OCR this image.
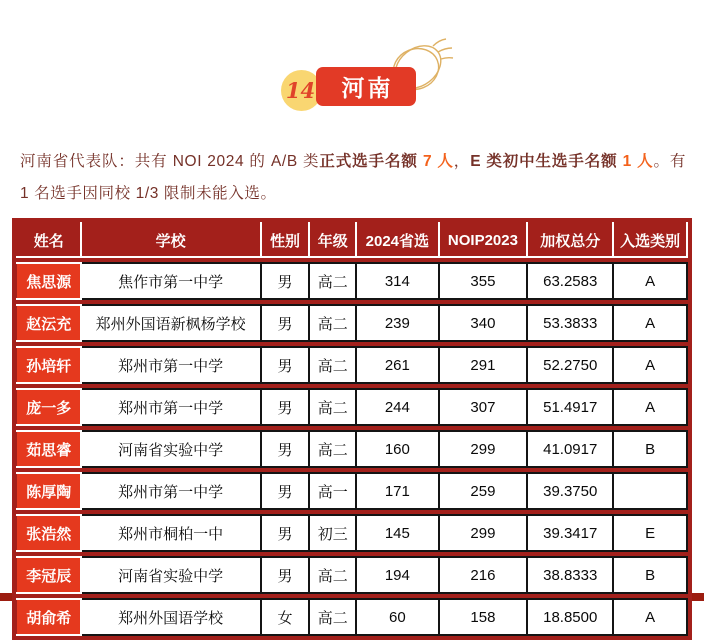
14 河南
河南省代表队：共有 NOI 2024 的 A/B 类正式选手名额 7 人，E 类初中生选手名额 1 人。有 1 名选手因同校 1/3 限制未能入选。
姓名	学校	性别	年级	2024省选	NOIP2023	加权总分	入选类别

焦思源	焦作市第一中学	男	高二	314	355	63.2583	A

赵沄充	郑州外国语新枫杨学校	男	高二	239	340	53.3833	A

孙培轩	郑州市第一中学	男	高二	261	291	52.2750	A

庞一多	郑州市第一中学	男	高二	244	307	51.4917	A

茹思睿	河南省实验中学	男	高二	160	299	41.0917	B

陈厚陶	郑州市第一中学	男	高一	171	259	39.3750	

张浩然	郑州市桐柏一中	男	初三	145	299	39.3417	E

李冠辰	河南省实验中学	男	高二	194	216	38.8333	B

胡俞希	郑州外国语学校	女	高二	60	158	18.8500	A
